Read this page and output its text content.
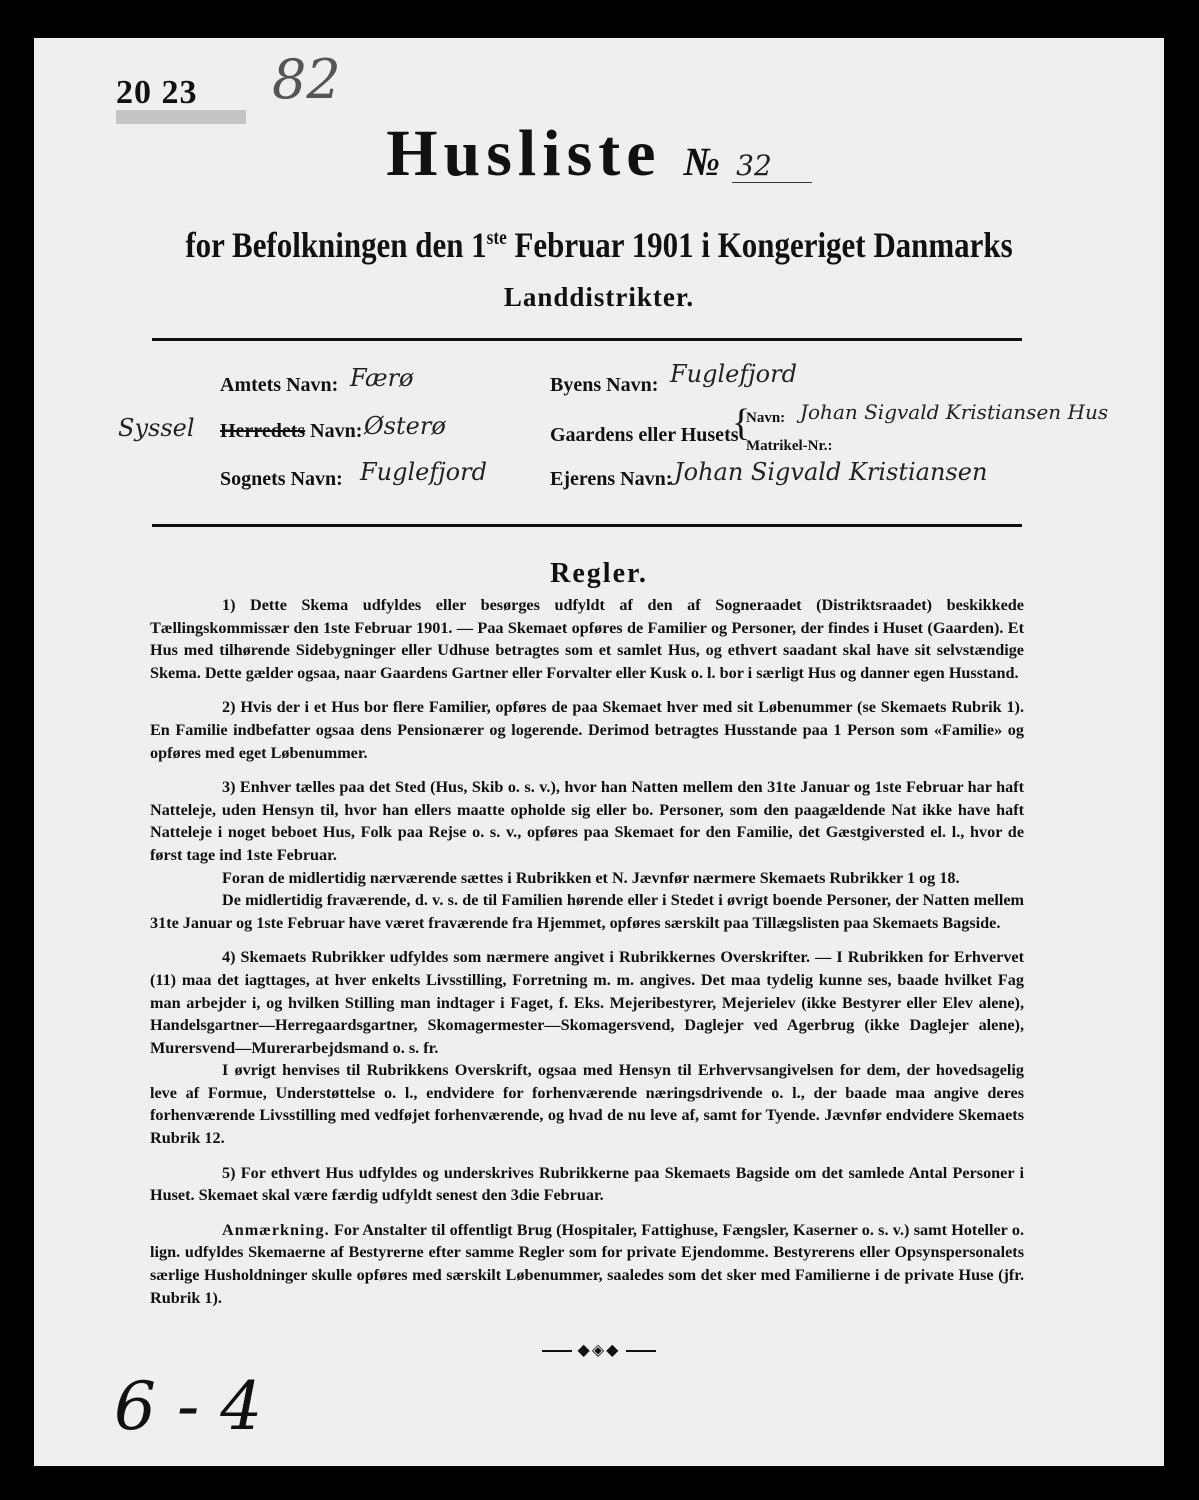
20 23 82
Husliste № 32
for Befolkningen den 1ste Februar 1901 i Kongeriget Danmarks
Landdistrikter.
Amtets Navn: Færø
Syssel Herredets Navn: Østerø
Sognets Navn: Fuglefjord
Byens Navn: Fuglefjord
Gaardens eller Husets
{
Navn: Johan Sigvald Kristiansen Hus
Matrikel-Nr.:
Ejerens Navn: Johan Sigvald Kristiansen
Regler.

1) Dette Skema udfyldes eller besørges udfyldt af den af Sogneraadet (Distriktsraadet) beskikkede Tællingskommissær den 1ste Februar 1901. — Paa Skemaet opføres de Familier og Personer, der findes i Huset (Gaarden). Et Hus med tilhørende Sidebygninger eller Udhuse betragtes som et samlet Hus, og ethvert saadant skal have sit selvstændige Skema. Dette gælder ogsaa, naar Gaardens Gartner eller Forvalter eller Kusk o. l. bor i særligt Hus og danner egen Husstand.

2) Hvis der i et Hus bor flere Familier, opføres de paa Skemaet hver med sit Løbenummer (se Skemaets Rubrik 1). En Familie indbefatter ogsaa dens Pensionærer og logerende. Derimod betragtes Husstande paa 1 Person som «Familie» og opføres med eget Løbenummer.

3) Enhver tælles paa det Sted (Hus, Skib o. s. v.), hvor han Natten mellem den 31te Januar og 1ste Februar har haft Natteleje, uden Hensyn til, hvor han ellers maatte opholde sig eller bo. Personer, som den paagældende Nat ikke have haft Natteleje i noget beboet Hus, Folk paa Rejse o. s. v., opføres paa Skemaet for den Familie, det Gæstgiversted el. l., hvor de først tage ind 1ste Februar.

Foran de midlertidig nærværende sættes i Rubrikken et N. Jævnfør nærmere Skemaets Rubrikker 1 og 18.

De midlertidig fraværende, d. v. s. de til Familien hørende eller i Stedet i øvrigt boende Personer, der Natten mellem 31te Januar og 1ste Februar have været fraværende fra Hjemmet, opføres særskilt paa Tillægslisten paa Skemaets Bagside.

4) Skemaets Rubrikker udfyldes som nærmere angivet i Rubrikkernes Overskrifter. — I Rubrikken for Erhvervet (11) maa det iagttages, at hver enkelts Livsstilling, Forretning m. m. angives. Det maa tydelig kunne ses, baade hvilket Fag man arbejder i, og hvilken Stilling man indtager i Faget, f. Eks. Mejeribestyrer, Mejerielev (ikke Bestyrer eller Elev alene), Handelsgartner—Herregaardsgartner, Skomagermester—Skomagersvend, Daglejer ved Agerbrug (ikke Daglejer alene), Murersvend—Murerarbejdsmand o. s. fr.

I øvrigt henvises til Rubrikkens Overskrift, ogsaa med Hensyn til Erhvervsangivelsen for dem, der hovedsagelig leve af Formue, Understøttelse o. l., endvidere for forhenværende næringsdrivende o. l., der baade maa angive deres forhenværende Livsstilling med vedføjet forhenværende, og hvad de nu leve af, samt for Tyende. Jævnfør endvidere Skemaets Rubrik 12.

5) For ethvert Hus udfyldes og underskrives Rubrikkerne paa Skemaets Bagside om det samlede Antal Personer i Huset. Skemaet skal være færdig udfyldt senest den 3die Februar.

Anmærkning. For Anstalter til offentligt Brug (Hospitaler, Fattighuse, Fængsler, Kaserner o. s. v.) samt Hoteller o. lign. udfyldes Skemaerne af Bestyrerne efter samme Regler som for private Ejendomme. Bestyrerens eller Opsynspersonalets særlige Husholdninger skulle opføres med særskilt Løbenummer, saaledes som det sker med Familierne i de private Huse (jfr. Rubrik 1).

◆◈◆
6 - 4
